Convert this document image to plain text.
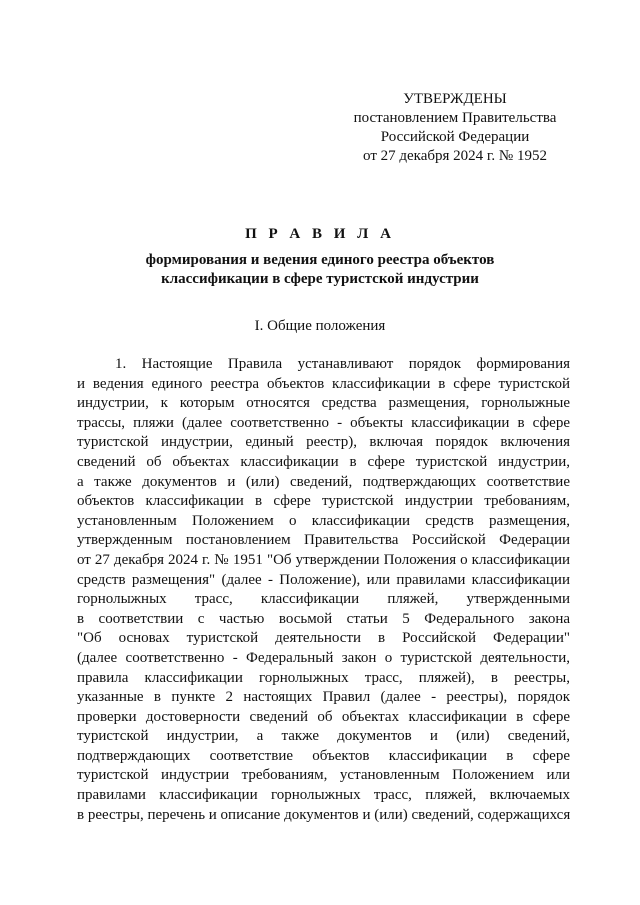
УТВЕРЖДЕНЫ
постановлением Правительства
Российской Федерации
от 27 декабря 2024 г. № 1952
П Р А В И Л А
формирования и ведения единого реестра объектов
классификации в сфере туристской индустрии
I. Общие положения
1. Настоящие Правила устанавливают порядок формирования
и ведения единого реестра объектов классификации в сфере туристской
индустрии, к которым относятся средства размещения, горнолыжные
трассы, пляжи (далее соответственно - объекты классификации в сфере
туристской индустрии, единый реестр), включая порядок включения
сведений об объектах классификации в сфере туристской индустрии,
а также документов и (или) сведений, подтверждающих соответствие
объектов классификации в сфере туристской индустрии требованиям,
установленным Положением о классификации средств размещения,
утвержденным постановлением Правительства Российской Федерации
от 27 декабря 2024 г. № 1951 "Об утверждении Положения о классификации
средств размещения" (далее - Положение), или правилами классификации
горнолыжных трасс, классификации пляжей, утвержденными
в соответствии с частью восьмой статьи 5 Федерального закона
"Об основах туристской деятельности в Российской Федерации"
(далее соответственно - Федеральный закон о туристской деятельности,
правила классификации горнолыжных трасс, пляжей), в реестры,
указанные в пункте 2 настоящих Правил (далее - реестры), порядок
проверки достоверности сведений об объектах классификации в сфере
туристской индустрии, а также документов и (или) сведений,
подтверждающих соответствие объектов классификации в сфере
туристской индустрии требованиям, установленным Положением или
правилами классификации горнолыжных трасс, пляжей, включаемых
в реестры, перечень и описание документов и (или) сведений, содержащихся
